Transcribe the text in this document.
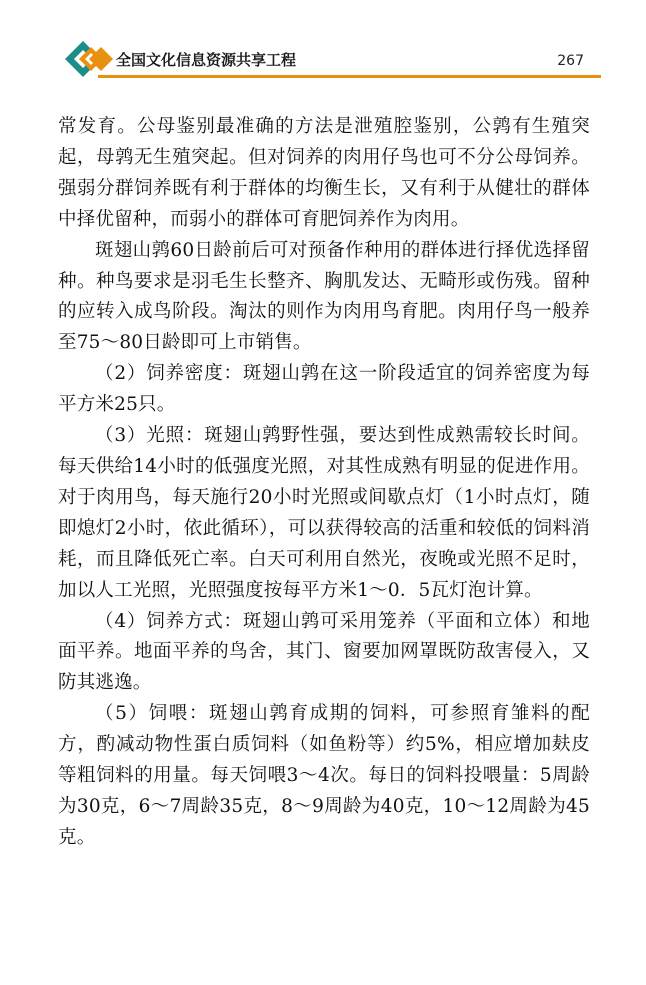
全国文化信息资源共享工程	267

常发育。公母鉴别最准确的方法是泄殖腔鉴别，公鹑有生殖突起，母鹑无生殖突起。但对饲养的肉用仔鸟也可不分公母饲养。强弱分群饲养既有利于群体的均衡生长，又有利于从健壮的群体中择优留种，而弱小的群体可育肥饲养作为肉用。

斑翅山鹑60日龄前后可对预备作种用的群体进行择优选择留种。种鸟要求是羽毛生长整齐、胸肌发达、无畸形或伤残。留种的应转入成鸟阶段。淘汰的则作为肉用鸟育肥。肉用仔鸟一般养至75～80日龄即可上市销售。

（2）饲养密度：斑翅山鹑在这一阶段适宜的饲养密度为每平方米25只。

（3）光照：斑翅山鹑野性强，要达到性成熟需较长时间。每天供给14小时的低强度光照，对其性成熟有明显的促进作用。对于肉用鸟，每天施行20小时光照或间歇点灯（1小时点灯，随即熄灯2小时，依此循环），可以获得较高的活重和较低的饲料消耗，而且降低死亡率。白天可利用自然光，夜晚或光照不足时，加以人工光照，光照强度按每平方米1～0．5瓦灯泡计算。

（4）饲养方式：斑翅山鹑可采用笼养（平面和立体）和地面平养。地面平养的鸟舍，其门、窗要加网罩既防敌害侵入，又防其逃逸。

（5）饲喂：斑翅山鹑育成期的饲料，可参照育雏料的配方，酌减动物性蛋白质饲料（如鱼粉等）约5%，相应增加麸皮等粗饲料的用量。每天饲喂3～4次。每日的饲料投喂量：5周龄为30克，6～7周龄35克，8～9周龄为40克，10～12周龄为45克。
